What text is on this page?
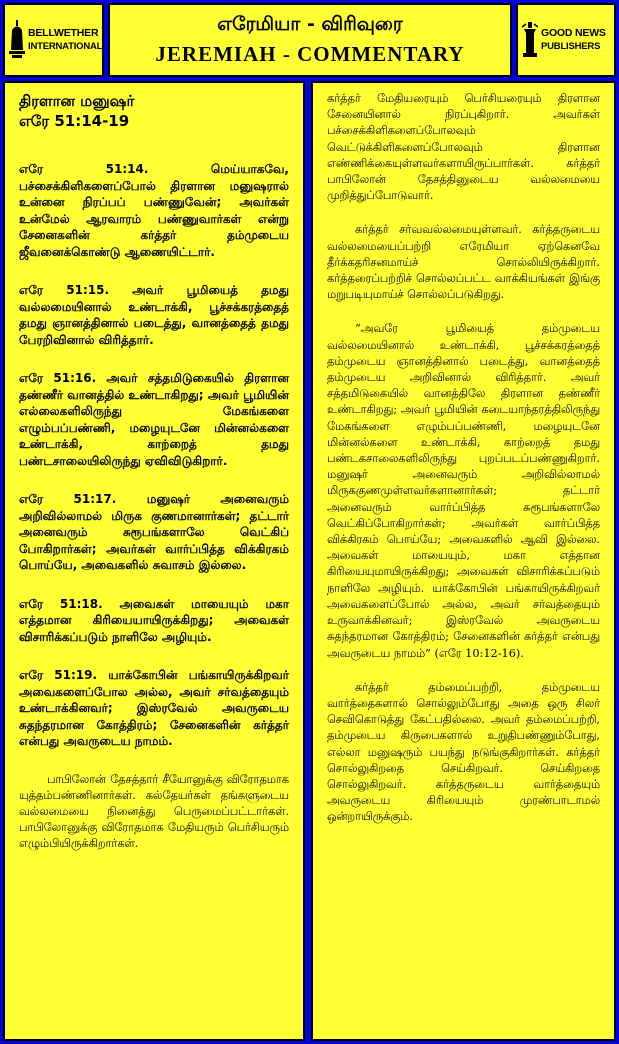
BELLWETHER
INTERNATIONAL
எரேமியா - விரிவுரை
JEREMIAH - COMMENTARY
GOOD NEWS
PUBLISHERS
திரளான மனுஷர்
எரே 51:14-19

எரே 51:14. மெய்யாகவே, பச்சைக்கிளிகளைப்போல் திரளான மனுஷரால் உன்னை நிரப்பப் பண்ணுவேன்; அவர்கள் உன்மேல் ஆரவாரம் பண்ணுவார்கள் என்று சேனைகளின் கர்த்தர் தம்முடைய ஜீவனைக்கொண்டு ஆணையிட்டார்.

எரே 51:15. அவர் பூமியைத் தமது வல்லமையினால் உண்டாக்கி, பூச்சக்கரத்தைத் தமது ஞானத்தினால் படைத்து, வானத்தைத் தமது பேரறிவினால் விரித்தார்.

எரே 51:16. அவர் சத்தமிடுகையில் திரளான தண்ணீர் வானத்தில் உண்டாகிறது; அவர் பூமியின் எல்லைகளிலிருந்து மேகங்களை எழும்பப்பண்ணி, மழையுடனே மின்னல்களை உண்டாக்கி, காற்றைத் தமது பண்டசாலையிலிருந்து ஏவிவிடுகிறார்.

எரே 51:17. மனுஷர் அனைவரும் அறிவில்லாமல் மிருக குணமானார்கள்; தட்டார் அனைவரும் சுரூபங்களாலே வெட்கிப் போகிறார்கள்; அவர்கள் வார்ப்பித்த விக்கிரகம் பொய்யே, அவைகளில் சுவாசம் இல்லை.

எரே 51:18. அவைகள் மாயையும் மகா எத்தமான கிரியையாயிருக்கிறது; அவைகள் விசாரிக்கப்படும் நாளிலே அழியும்.

எரே 51:19. யாக்கோபின் பங்காயிருக்கிறவர் அவைகளைப்போல அல்ல, அவர் சர்வத்தையும் உண்டாக்கினவர்; இஸ்ரவேல் அவருடைய சுதந்தரமான கோத்திரம்; சேனைகளின் கர்த்தர் என்பது அவருடைய நாமம்.

பாபிலோன் தேசத்தார் சீயோனுக்கு விரோதமாக யுத்தம்பண்ணினார்கள். கல்தேயர்கள் தங்களுடைய வல்லமையை நினைத்து பெருமைப்பட்டார்கள். பாபிலோனுக்கு விரோதமாக மேதியரும் பெர்சியரும் எழும்பியிருக்கிறார்கள்.

கர்த்தர் மேதியரையும் பெர்சியரையும் திரளான சேனையினால் நிரப்புகிறார். அவர்கள் பச்சைக்கிளிகளைப்போலவும் வெட்டுக்கிளிகளைப்போலவும் திரளான எண்ணிக்கையுள்ளவர்களாயிருப்பார்கள். கர்த்தர் பாபிலோன் தேசத்தினுடைய வல்லமையை முறித்துப்போடுவார்.

கர்த்தர் சர்வவல்லமையுள்ளவர். கர்த்தருடைய வல்லமையைப்பற்றி எரேமியா ஏற்கெனவே தீர்க்கதரிசனமாய்ச் சொல்லியிருக்கிறார். கர்த்தரைப்பற்றிச் சொல்லப்பட்ட வாக்கியங்கள் இங்கு மறுபடியுமாய்ச் சொல்லப்படுகிறது.

“அவரே பூமியைத் தம்முடைய வல்லமையினால் உண்டாக்கி, பூச்சக்கரத்தைத் தம்முடைய ஞானத்தினால் படைத்து, வானத்தைத் தம்முடைய அறிவினால் விரித்தார். அவர் சத்தமிடுகையில் வானத்திலே திரளான தண்ணீர் உண்டாகிறது; அவர் பூமியின் கடையாந்தரத்திலிருந்து மேகங்களை எழும்பப்பண்ணி, மழையுடனே மின்னல்களை உண்டாக்கி, காற்றைத் தமது பண்டகசாலைகளிலிருந்து புறப்படப்பண்ணுகிறார். மனுஷர் அனைவரும் அறிவில்லாமல் மிருககுணமுள்ளவர்களானார்கள்; தட்டார் அனைவரும் வார்ப்பித்த சுரூபங்களாலே வெட்கிப்போகிறார்கள்; அவர்கள் வார்ப்பித்த விக்கிரகம் பொய்யே; அவைகளில் ஆவி இல்லை. அவைகள் மாயையும், மகா எத்தான கிரியையுமாயிருக்கிறது; அவைகள் விசாரிக்கப்படும் நாளிலே அழியும். யாக்கோபின் பங்காயிருக்கிறவர் அவைகளைப்போல் அல்ல, அவர் சர்வத்தையும் உருவாக்கினவர்; இஸ்ரவேல் அவருடைய சுதந்தரமான கோத்திரம்; சேனைகளின் கர்த்தர் என்பது அவருடைய நாமம்” (எரே 10:12-16).

கர்த்தர் தம்மைப்பற்றி, தம்முடைய வார்த்தைகளால் சொல்லும்போது அதை ஒரு சிலர் செவிகொடுத்து கேட்பதில்லை. அவர் தம்மைப்பற்றி, தம்முடைய கிருபைகளால் உறுதிபண்ணும்போது, எல்லா மனுஷரும் பயந்து நடுங்குகிறார்கள். கர்த்தர் சொல்லுகிறதை செய்கிறவர். செய்கிறதை சொல்லுகிறவர். கர்த்தருடைய வார்த்தையும் அவருடைய கிரியையும் முரண்பாடாமல் ஒன்றாயிருக்கும்.
